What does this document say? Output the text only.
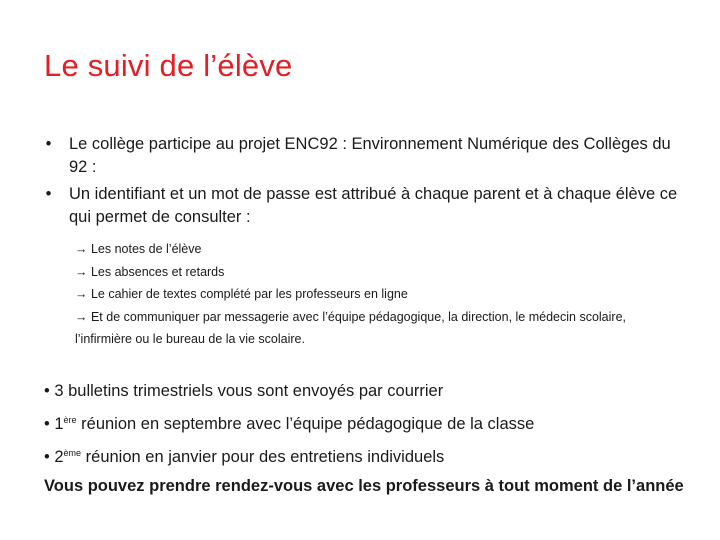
Le suivi de l’élève
•	Le collège participe au projet ENC92 : Environnement Numérique des Collèges du 92 :
•	Un identifiant et un mot de passe est attribué à chaque parent et à chaque élève ce qui permet de consulter :
→ Les notes de l’élève
→ Les absences et retards
→ Le cahier de textes complété par les professeurs en ligne
→ Et de communiquer par messagerie avec l’équipe pédagogique, la direction, le médecin scolaire, l’infirmière ou le bureau de la vie scolaire.
• 3 bulletins trimestriels vous sont envoyés par courrier
• 1ère réunion en septembre avec l’équipe pédagogique de la classe
• 2ème réunion en janvier pour des entretiens individuels
Vous pouvez prendre rendez-vous avec les professeurs à tout moment de l’année
